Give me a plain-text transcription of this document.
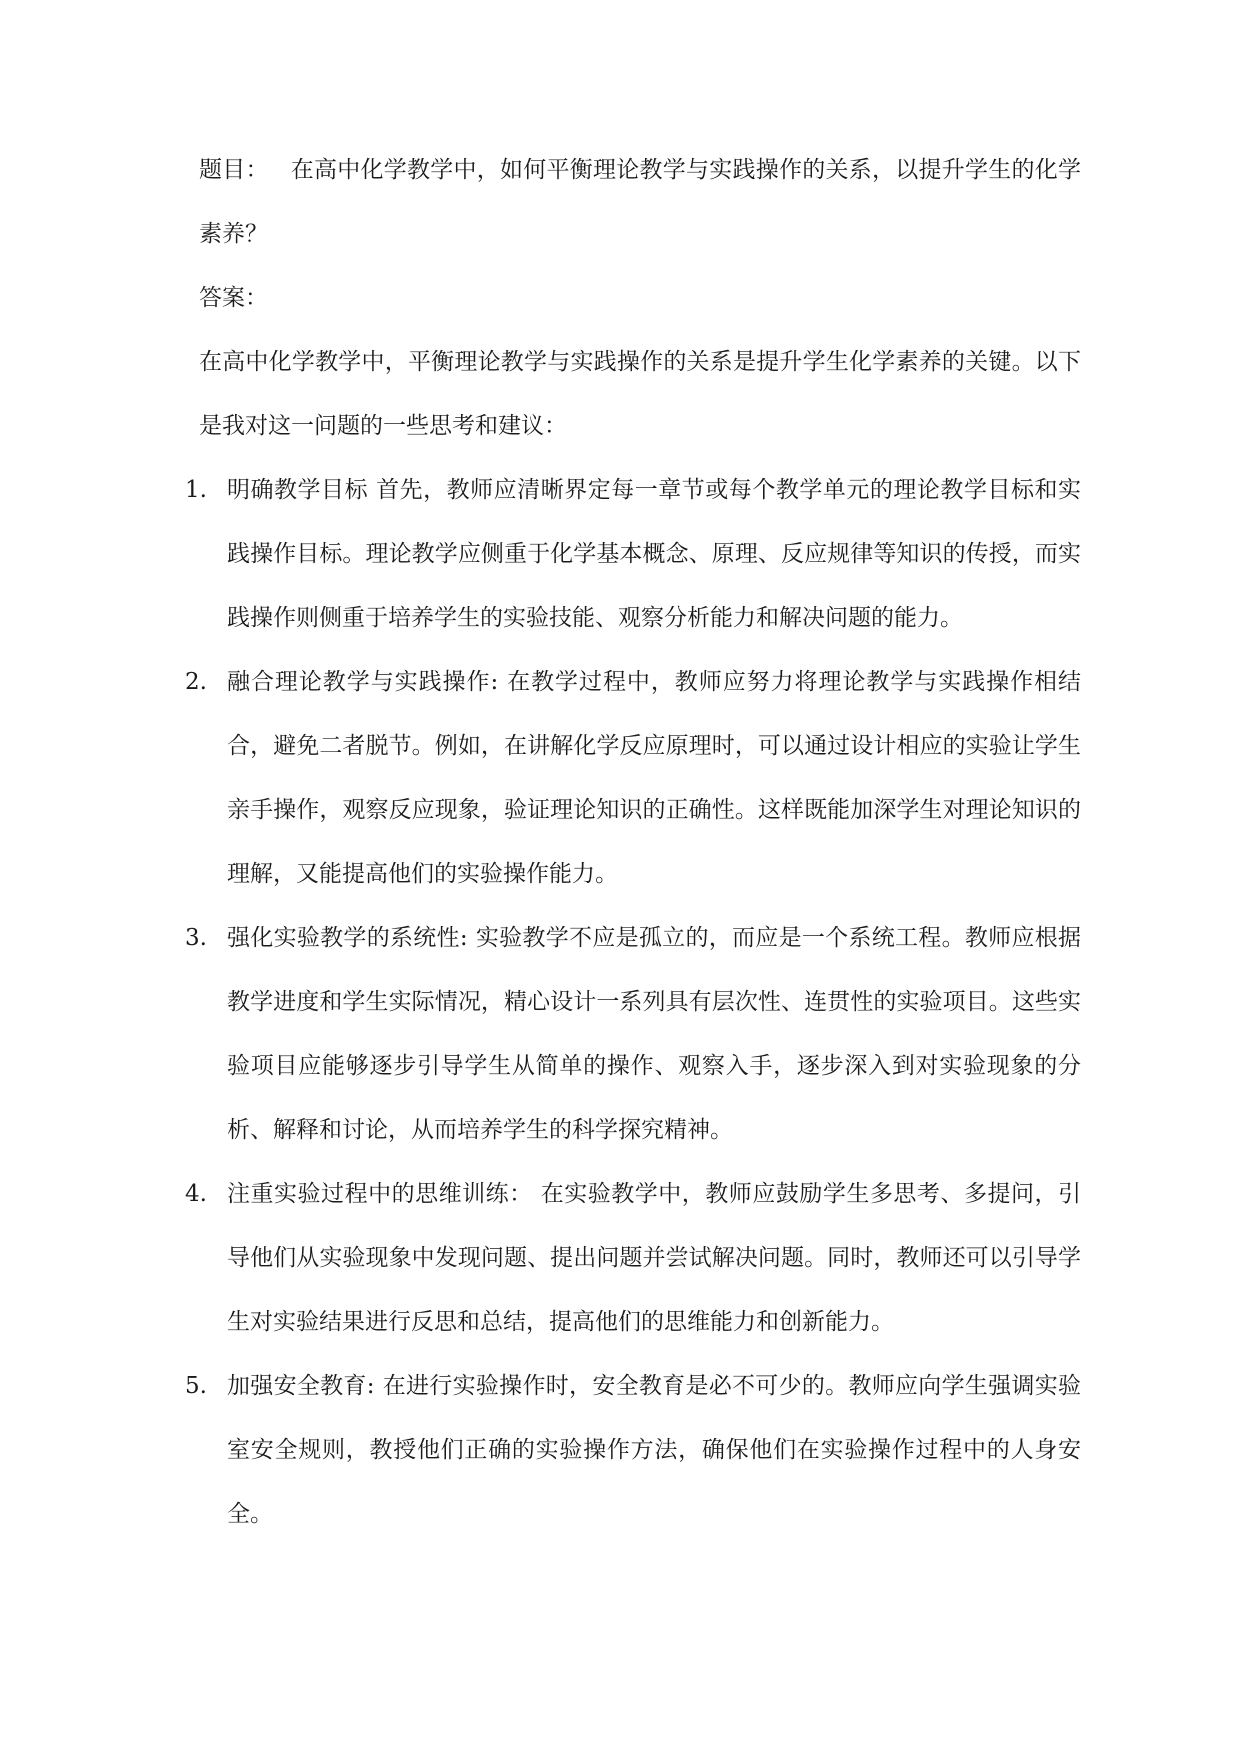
题目： 在高中化学教学中，如何平衡理论教学与实践操作的关系，以提升学生的化学素养？

答案：

在高中化学教学中，平衡理论教学与实践操作的关系是提升学生化学素养的关键。以下是我对这一问题的一些思考和建议：

1. 明确教学目标 首先，教师应清晰界定每一章节或每个教学单元的理论教学目标和实践操作目标。理论教学应侧重于化学基本概念、原理、反应规律等知识的传授，而实践操作则侧重于培养学生的实验技能、观察分析能力和解决问题的能力。
2. 融合理论教学与实践操作: 在教学过程中，教师应努力将理论教学与实践操作相结合，避免二者脱节。例如，在讲解化学反应原理时，可以通过设计相应的实验让学生亲手操作，观察反应现象，验证理论知识的正确性。这样既能加深学生对理论知识的理解，又能提高他们的实验操作能力。
3. 强化实验教学的系统性: 实验教学不应是孤立的，而应是一个系统工程。教师应根据教学进度和学生实际情况，精心设计一系列具有层次性、连贯性的实验项目。这些实验项目应能够逐步引导学生从简单的操作、观察入手，逐步深入到对实验现象的分析、解释和讨论，从而培养学生的科学探究精神。
4. 注重实验过程中的思维训练： 在实验教学中，教师应鼓励学生多思考、多提问，引导他们从实验现象中发现问题、提出问题并尝试解决问题。同时，教师还可以引导学生对实验结果进行反思和总结，提高他们的思维能力和创新能力。
5. 加强安全教育: 在进行实验操作时，安全教育是必不可少的。教师应向学生强调实验室安全规则，教授他们正确的实验操作方法，确保他们在实验操作过程中的人身安全。
